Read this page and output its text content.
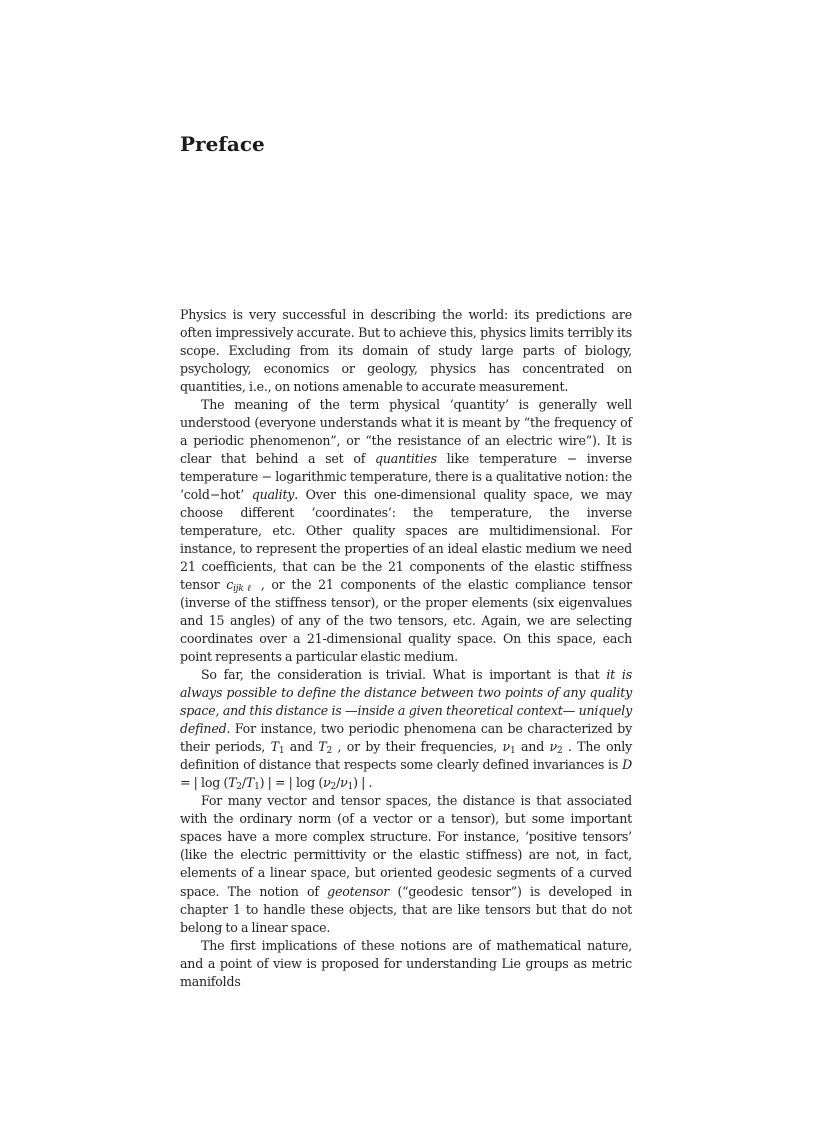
Preface

Physics is very successful in describing the world: its predictions are often impressively accurate. But to achieve this, physics limits terribly its scope. Excluding from its domain of study large parts of biology, psychology, economics or geology, physics has concentrated on quantities, i.e., on notions amenable to accurate measurement.

The meaning of the term physical ‘quantity’ is generally well understood (everyone understands what it is meant by “the frequency of a periodic phenomenon”, or “the resistance of an electric wire”). It is clear that behind a set of quantities like temperature − inverse temperature − logarithmic temperature, there is a qualitative notion: the ‘cold−hot’ quality. Over this one-dimensional quality space, we may choose different ‘coordinates’: the temperature, the inverse temperature, etc. Other quality spaces are multidimensional. For instance, to represent the properties of an ideal elastic medium we need 21 coefficients, that can be the 21 components of the elastic stiffness tensor $c_{ijk\ell}$ , or the 21 components of the elastic compliance tensor (inverse of the stiffness tensor), or the proper elements (six eigenvalues and 15 angles) of any of the two tensors, etc. Again, we are selecting coordinates over a 21-dimensional quality space. On this space, each point represents a particular elastic medium.

So far, the consideration is trivial. What is important is that it is always possible to define the distance between two points of any quality space, and this distance is —inside a given theoretical context— uniquely defined. For instance, two periodic phenomena can be characterized by their periods, $T_1$ and $T_2$ , or by their frequencies, $\nu_1$ and $\nu_2$ . The only definition of distance that respects some clearly defined invariances is D = | $\log (T_2/T_1)$ | = | $\log (\nu_2/\nu_1)$ | .

For many vector and tensor spaces, the distance is that associated with the ordinary norm (of a vector or a tensor), but some important spaces have a more complex structure. For instance, ‘positive tensors’ (like the electric permittivity or the elastic stiffness) are not, in fact, elements of a linear space, but oriented geodesic segments of a curved space. The notion of geotensor (“geodesic tensor”) is developed in chapter 1 to handle these objects, that are like tensors but that do not belong to a linear space.

The first implications of these notions are of mathematical nature, and a point of view is proposed for understanding Lie groups as metric manifolds
